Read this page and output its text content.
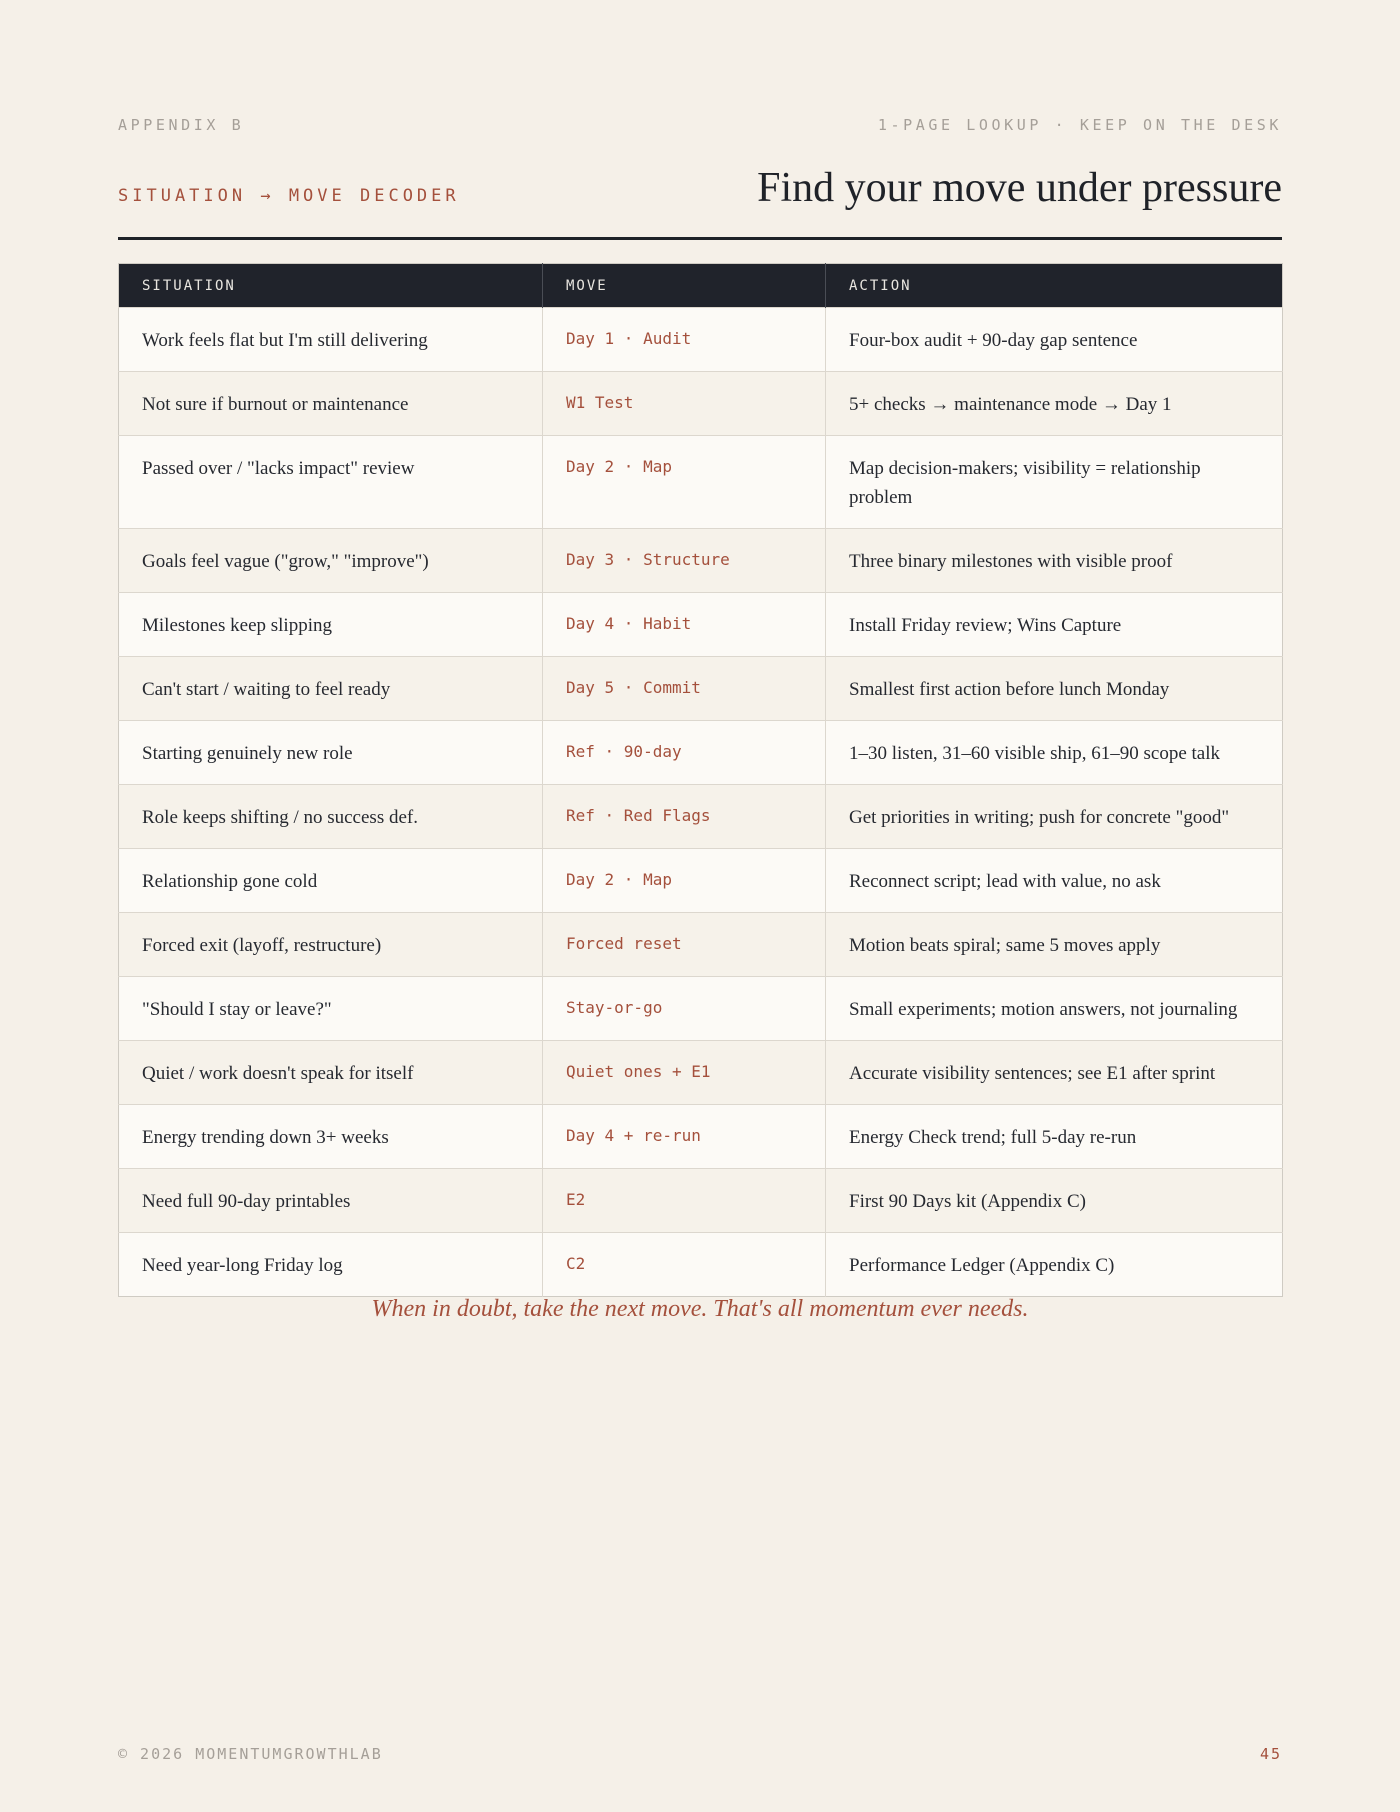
APPENDIX B	1-PAGE LOOKUP · KEEP ON THE DESK
SITUATION → MOVE DECODER	Find your move under pressure
SITUATION	MOVE	ACTION
Work feels flat but I'm still delivering	Day 1 · Audit	Four-box audit + 90-day gap sentence
Not sure if burnout or maintenance	W1 Test	5+ checks → maintenance mode → Day 1
Passed over / "lacks impact" review	Day 2 · Map	Map decision-makers; visibility = relationship problem
Goals feel vague ("grow," "improve")	Day 3 · Structure	Three binary milestones with visible proof
Milestones keep slipping	Day 4 · Habit	Install Friday review; Wins Capture
Can't start / waiting to feel ready	Day 5 · Commit	Smallest first action before lunch Monday
Starting genuinely new role	Ref · 90-day	1–30 listen, 31–60 visible ship, 61–90 scope talk
Role keeps shifting / no success def.	Ref · Red Flags	Get priorities in writing; push for concrete "good"
Relationship gone cold	Day 2 · Map	Reconnect script; lead with value, no ask
Forced exit (layoff, restructure)	Forced reset	Motion beats spiral; same 5 moves apply
"Should I stay or leave?"	Stay-or-go	Small experiments; motion answers, not journaling
Quiet / work doesn't speak for itself	Quiet ones + E1	Accurate visibility sentences; see E1 after sprint
Energy trending down 3+ weeks	Day 4 + re-run	Energy Check trend; full 5-day re-run
Need full 90-day printables	E2	First 90 Days kit (Appendix C)
Need year-long Friday log	C2	Performance Ledger (Appendix C)
When in doubt, take the next move. That's all momentum ever needs.
© 2026 MOMENTUMGROWTHLAB	45
